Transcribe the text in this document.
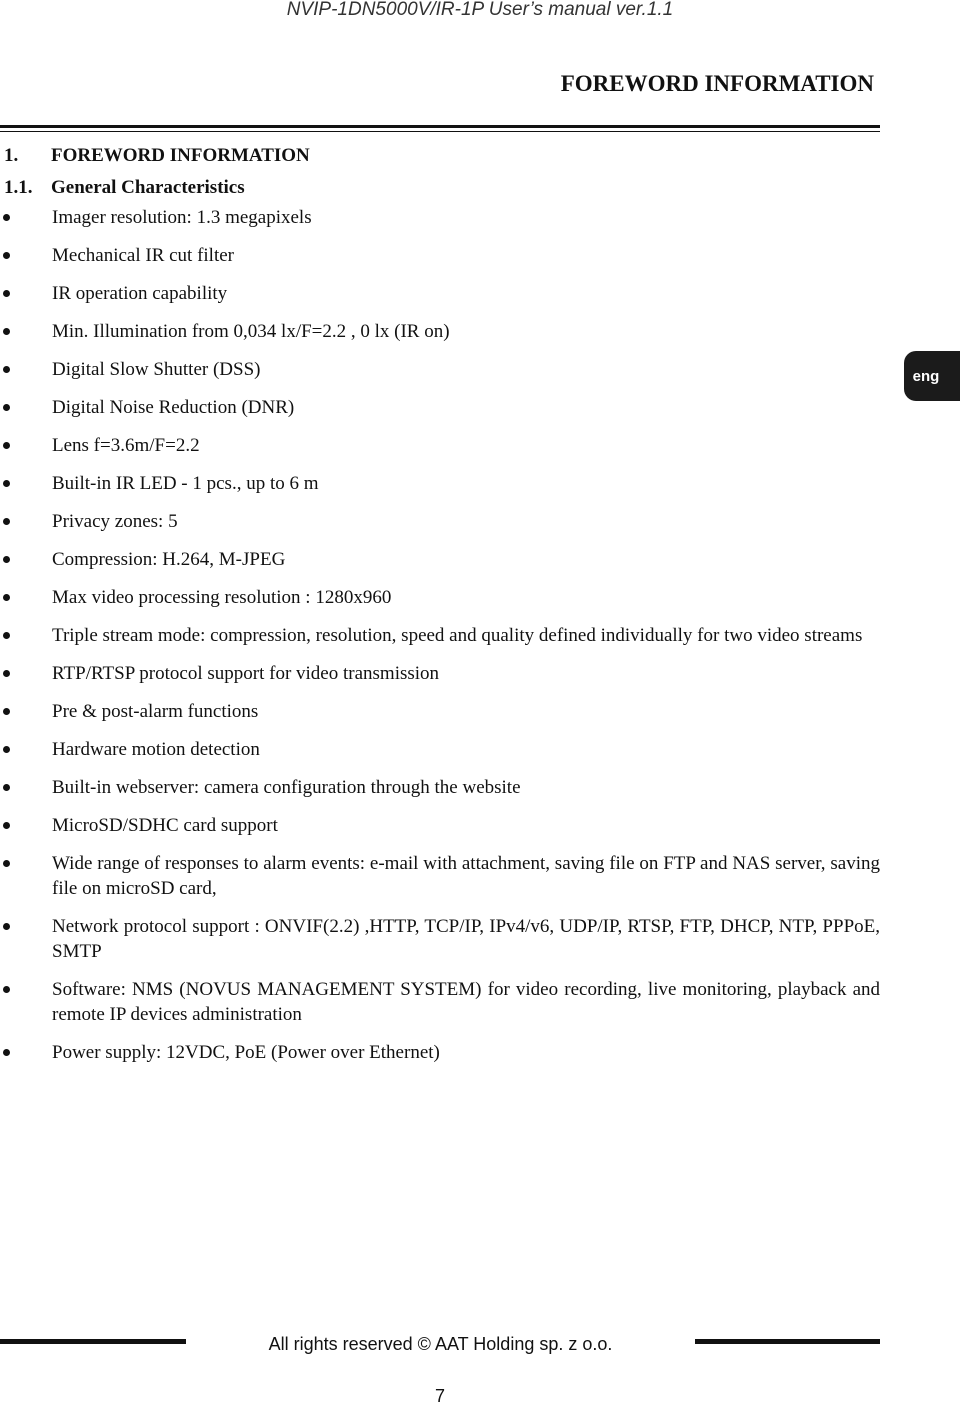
NVIP-1DN5000V/IR-1P User’s manual ver.1.1
FOREWORD INFORMATION
1. FOREWORD INFORMATION
1.1. General Characteristics
Imager resolution: 1.3 megapixels
Mechanical IR cut filter
IR operation capability
Min. Illumination from 0,034 lx/F=2.2 , 0 lx (IR on)
Digital Slow Shutter (DSS)
Digital Noise Reduction (DNR)
Lens f=3.6m/F=2.2
Built-in IR LED - 1 pcs., up to 6 m
Privacy zones: 5
Compression: H.264, M-JPEG
Max video processing resolution : 1280x960
Triple stream mode: compression, resolution, speed and quality defined individually for two video streams
RTP/RTSP protocol support for video transmission
Pre & post-alarm functions
Hardware motion detection
Built-in webserver: camera configuration through the website
MicroSD/SDHC card support
Wide range of responses to alarm events: e-mail with attachment, saving file on FTP and NAS server, saving file on microSD card,
Network protocol support : ONVIF(2.2) ,HTTP, TCP/IP, IPv4/v6, UDP/IP, RTSP, FTP, DHCP, NTP, PPPoE, SMTP
Software: NMS (NOVUS MANAGEMENT SYSTEM) for video recording, live monitoring, playback and remote IP devices administration
Power supply: 12VDC, PoE (Power over Ethernet)
eng
All rights reserved © AAT Holding sp. z o.o.
7
